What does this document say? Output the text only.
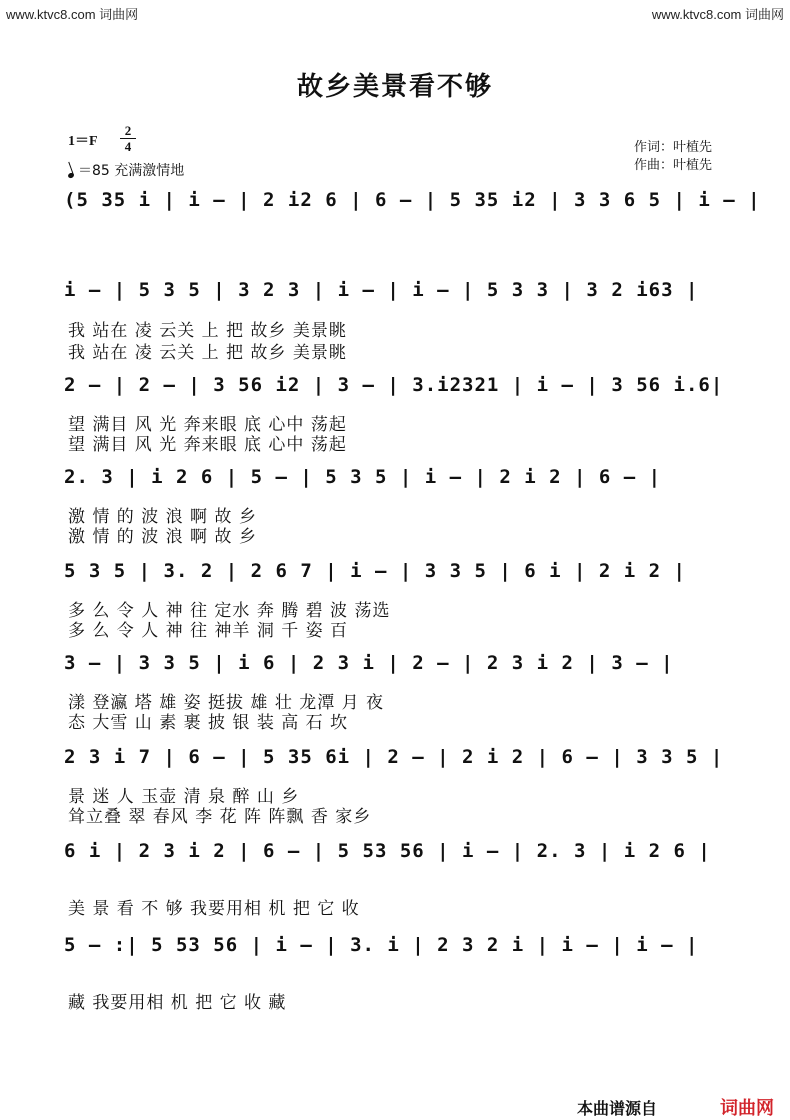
www.ktvc8.com 词曲网	www.ktvc8.com 词曲网
故乡美景看不够
1＝F
2
4
＝85 充满激情地
作词：叶植先
作曲：叶植先
(5 35 i | i – | 2 i2 6 | 6 – | 5 35 i2 | 3 3 6 5 | i – |
i – | 5 3 5 | 3 2 3 | i – | i – | 5 3 3 | 3 2 i63 |
我 站在 凌 云关 上 把 故乡 美景眺
我 站在 凌 云关 上 把 故乡 美景眺
2 – | 2 – | 3 56 i2 | 3 – | 3.i2321 | i – | 3 56 i.6|
望 满目 风 光 奔来眼 底 心中 荡起
望 满目 风 光 奔来眼 底 心中 荡起
2. 3 | i 2 6 | 5 – | 5 3 5 | i – | 2 i 2 | 6 – |
激 情 的 波 浪 啊 故 乡
激 情 的 波 浪 啊 故 乡
5 3 5 | 3. 2 | 2 6 7 | i – | 3 3 5 | 6 i | 2 i 2 |
多 么 令 人 神 往 定水 奔 腾 碧 波 荡选
多 么 令 人 神 往 神羊 洞 千 姿 百
3 – | 3 3 5 | i 6 | 2 3 i | 2 – | 2 3 i 2 | 3 – |
漾 登瀛 塔 雄 姿 挺拔 雄 壮 龙潭 月 夜
态 大雪 山 素 裹 披 银 装 高 石 坎
2 3 i 7 | 6 – | 5 35 6i | 2 – | 2 i 2 | 6 – | 3 3 5 |
景 迷 人 玉壶 清 泉 醉 山 乡
耸立叠 翠 春风 李 花 阵 阵飘 香 家乡
6 i | 2 3 i 2 | 6 – | 5 53 56 | i – | 2. 3 | i 2 6 |
美 景 看 不 够 我要用相 机 把 它 收
5 – :| 5 53 56 | i – | 3. i | 2 3 2 i | i – | i – |
藏 我要用相 机 把 它 收 藏
本曲谱源自	词曲网
